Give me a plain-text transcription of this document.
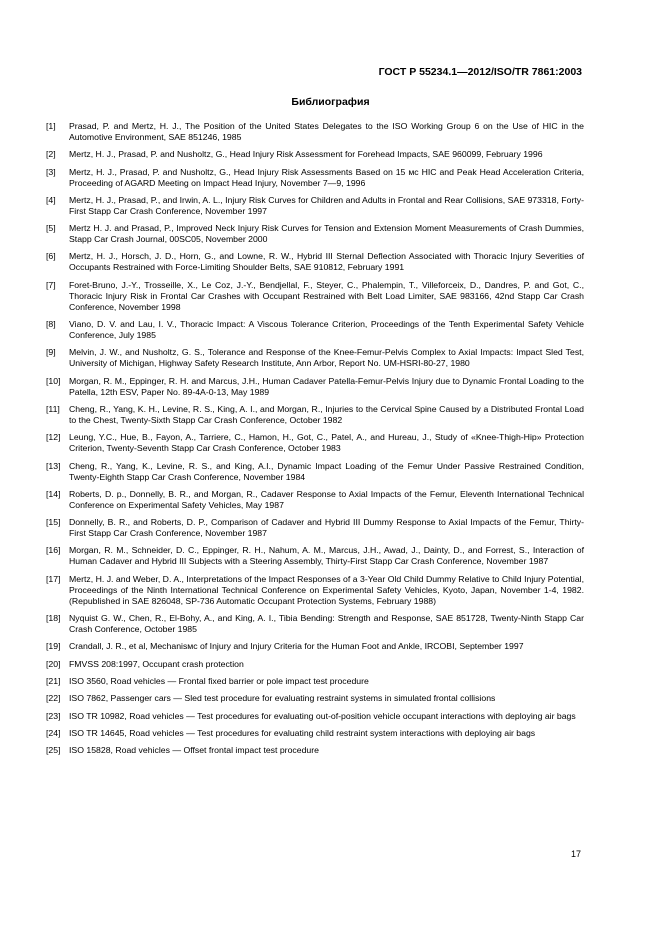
ГОСТ Р 55234.1—2012/ISO/TR 7861:2003
Библиография
[1]	Prasad, P. and Mertz, H. J., The Position of the United States Delegates to the ISO Working Group 6 on the Use of HIC in the Automotive Environment, SAE 851246, 1985
[2]	Mertz, H. J., Prasad, P. and Nusholtz, G., Head Injury Risk Assessment for Forehead Impacts, SAE 960099, February 1996
[3]	Mertz, H. J., Prasad, P. and Nusholtz, G., Head Injury Risk Assessments Based on 15 мс HIC and Peak Head Acceleration Criteria, Proceeding of AGARD Meeting on Impact Head Injury, November 7—9, 1996
[4]	Mertz, H. J., Prasad, P., and Irwin, A. L., Injury Risk Curves for Children and Adults in Frontal and Rear Collisions, SAE 973318, Forty-First Stapp Car Crash Conference, November 1997
[5]	Mertz H. J. and Prasad, P., Improved Neck Injury Risk Curves for Tension and Extension Moment Measurements of Crash Dummies, Stapp Car Crash Journal, 00SC05, November 2000
[6]	Mertz, H. J., Horsch, J. D., Horn, G., and Lowne, R. W., Hybrid III Sternal Deflection Associated with Thoracic Injury Severities of Occupants Restrained with Force-Limiting Shoulder Belts, SAE 910812, February 1991
[7]	Foret-Bruno, J.-Y., Trosseille, X., Le Coz, J.-Y., Bendjellal, F., Steyer, C., Phalempin, T., Villeforceix, D., Dandres, P. and Got, C., Thoracic Injury Risk in Frontal Car Crashes with Occupant Restrained with Belt Load Limiter, SAE 983166, 42nd Stapp Car Crash Conference, November 1998
[8]	Viano, D. V. and Lau, I. V., Thoracic Impact: A Viscous Tolerance Criterion, Proceedings of the Tenth Experimental Safety Vehicle Conference, July 1985
[9]	Melvin, J. W., and Nusholtz, G. S., Tolerance and Response of the Knee-Femur-Pelvis Complex to Axial Impacts: Impact Sled Test, University of Michigan, Highway Safety Research Institute, Ann Arbor, Report No. UM-HSRI-80-27, 1980
[10] Morgan, R. M., Eppinger, R. H. and Marcus, J.H., Human Cadaver Patella-Femur-Pelvis Injury due to Dynamic Frontal Loading to the Patella, 12th ESV, Paper No. 89-4A-0-13, May 1989
[11]	Cheng, R., Yang, K. H., Levine, R. S., King, A. I., and Morgan, R., Injuries to the Cervical Spine Caused by a Distributed Frontal Load to the Chest, Twenty-Sixth Stapp Car Crash Conference, October 1982
[12] Leung, Y.C., Hue, B., Fayon, A., Tarriere, C., Hamon, H., Got, C., Patel, A., and Hureau, J., Study of «Knee-Thigh-Hip» Protection Criterion, Twenty-Seventh Stapp Car Crash Conference, October 1983
[13] Cheng, R., Yang, K., Levine, R. S., and King, A.I., Dynamic Impact Loading of the Femur Under Passive Restrained Condition, Twenty-Eighth Stapp Car Crash Conference, November 1984
[14] Roberts, D. p., Donnelly, B. R., and Morgan, R., Cadaver Response to Axial Impacts of the Femur, Eleventh International Technical Conference on Experimental Safety Vehicles, May 1987
[15] Donnelly, B. R., and Roberts, D. P., Comparison of Cadaver and Hybrid III Dummy Response to Axial Impacts of the Femur, Thirty-First Stapp Car Crash Conference, November 1987
[16] Morgan, R. M., Schneider, D. C., Eppinger, R. H., Nahum, A. M., Marcus, J.H., Awad, J., Dainty, D., and Forrest, S., Interaction of Human Cadaver and Hybrid III Subjects with a Steering Assembly, Thirty-First Stapp Car Crash Conference, November 1987
[17] Mertz, H. J. and Weber, D. A., Interpretations of the Impact Responses of a 3-Year Old Child Dummy Relative to Child Injury Potential, Proceedings of the Ninth International Technical Conference on Experimental Safety Vehicles, Kyoto, Japan, November 1-4, 1982. (Republished in SAE 826048, SP-736 Automatic Occupant Protection Systems, February 1988)
[18] Nyquist G. W., Chen, R., El-Bohy, A., and King, A. I., Tibia Bending: Strength and Response, SAE 851728, Twenty-Ninth Stapp Car Crash Conference, October 1985
[19] Crandall, J. R., et al, Mechanisмс of Injury and Injury Criteria for the Human Foot and Ankle, IRCOBI, September 1997
[20] FMVSS 208:1997, Occupant crash protection
[21] ISO 3560, Road vehicles — Frontal fixed barrier or pole impact test procedure
[22] ISO 7862, Passenger cars — Sled test procedure for evaluating restraint systems in simulated frontal collisions
[23] ISO TR 10982, Road vehicles — Test procedures for evaluating out-of-position vehicle occupant interactions with deploying air bags
[24] ISO TR 14645, Road vehicles — Test procedures for evaluating child restraint system interactions with deploying air bags
[25] ISO 15828, Road vehicles — Offset frontal impact test procedure
17
